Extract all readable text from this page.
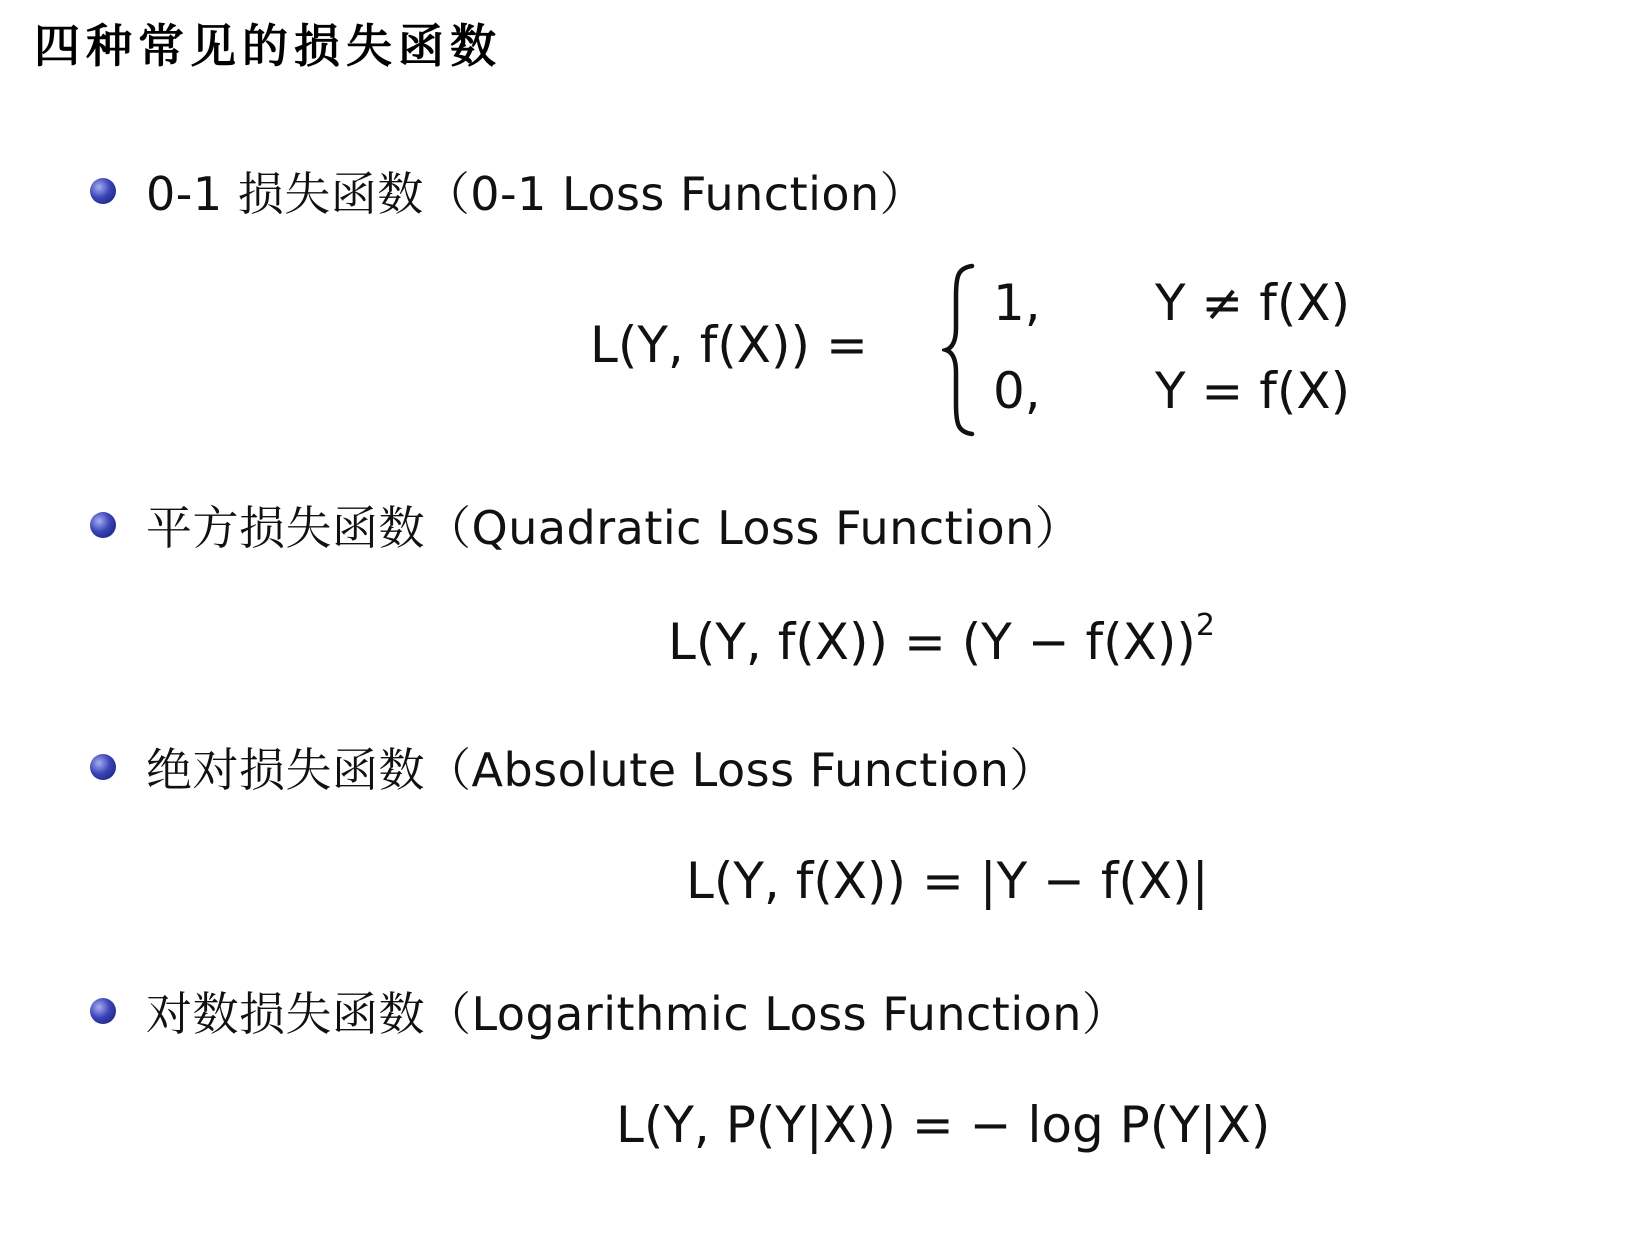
四种常见的损失函数
0-1 损失函数（0-1 Loss Function）
L(Y, f(X)) =
1, Y ≠ f(X)
0, Y = f(X)
平方损失函数（Quadratic Loss Function）
L(Y, $f(X)) = (Y - f(X))^2$
绝对损失函数（Absolute Loss Function）
L(Y, f(X)) = |Y − f(X)|
对数损失函数（Logarithmic Loss Function）
L(Y, P(Y|X)) = − log P(Y|X)
